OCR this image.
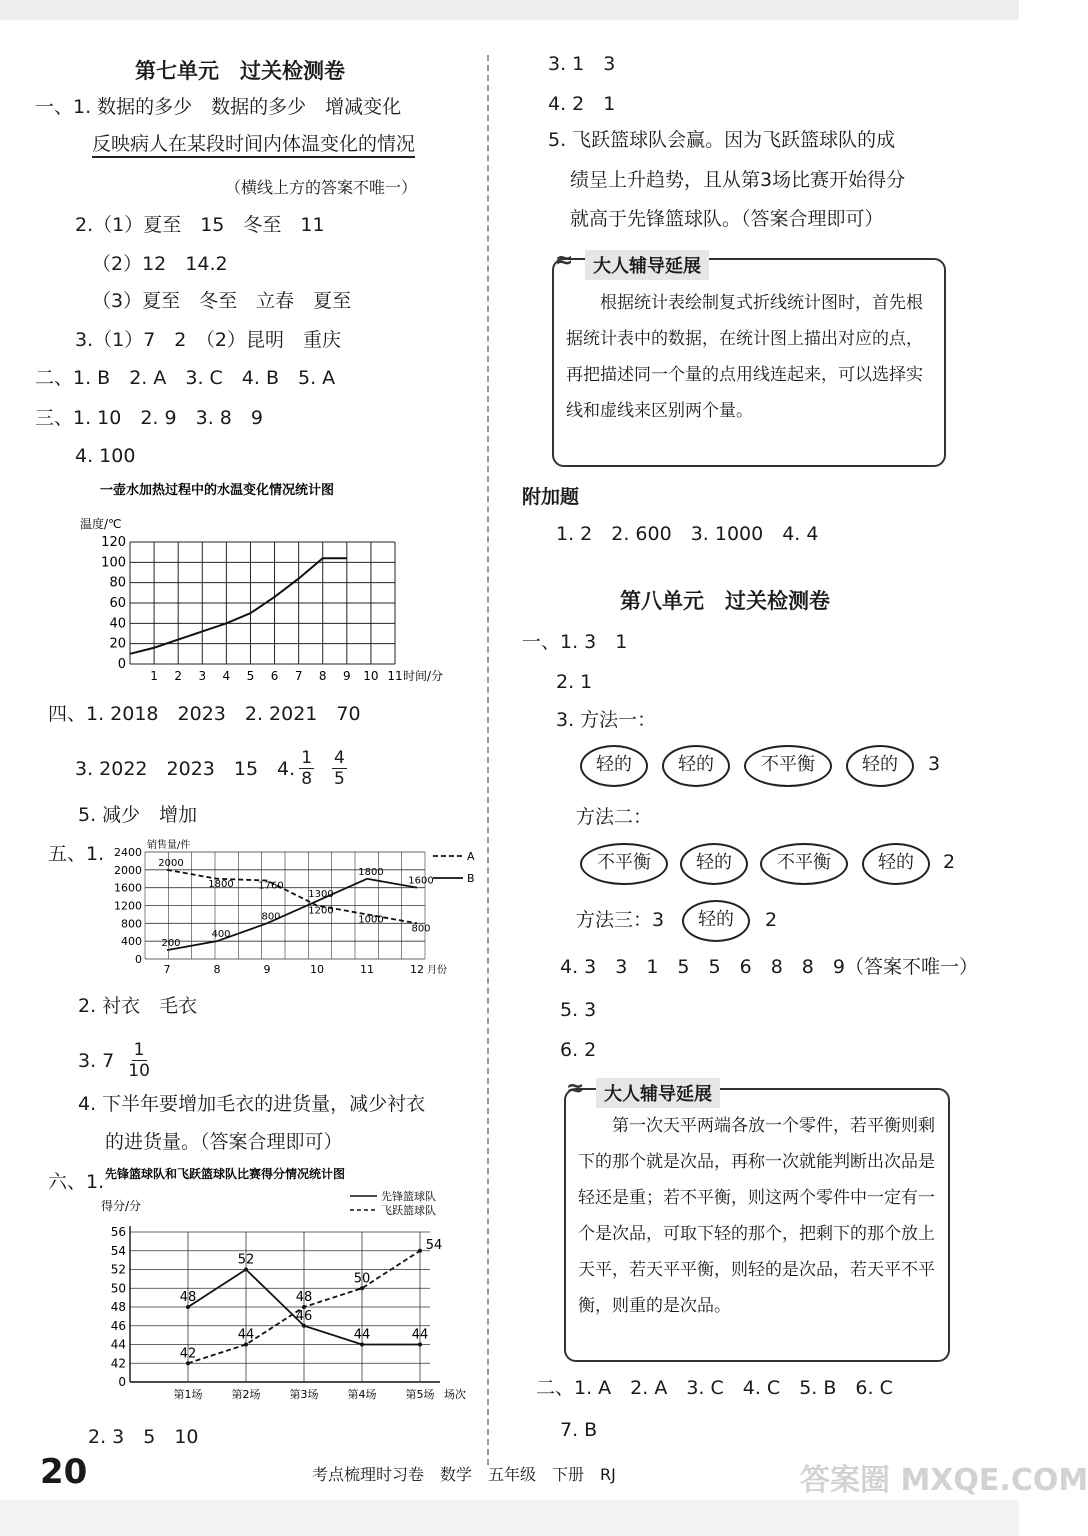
第七单元　过关检测卷
一、1. 数据的多少　数据的多少　增减变化
反映病人在某段时间内体温变化的情况
（横线上方的答案不唯一）
2.（1）夏至　15　冬至　11
（2）12　14.2
（3）夏至　冬至　立春　夏至
3.（1）7　2　（2）昆明　重庆
二、1. B　2. A　3. C　4. B　5. A
三、1. 10　2. 9　3. 8　9
4. 100
一壶水加热过程中的水温变化情况统计图
温度/℃
0
20
40
60
80
100
120
1 2 3 4 5 6 7 8 9 10 11 时间/分
四、1. 2018　2023　2. 2021　70
3. 2022　2023　15　4. $\frac{1}{8} \frac{4}{5}$
5. 减少　增加
五、1.	销售量/件
0
400
800
1200
1600
2000
2400
7	8	9	10	11	12 月份
2000
1800 1760
1200
1000
800
A
200
400
800
1300
1800
1600	B
2. 衬衣　毛衣
3. $7 \frac{1}{10}$
4. 下半年要增加毛衣的进货量，减少衬衣
的进货量。（答案合理即可）
六、1. 先锋篮球队和飞跃篮球队比赛得分情况统计图
得分/分
0
42
44
46
48
50
52
54
56
第1场	第2场	第3场	第4场	第5场 场次
48
52
46
44	44
先锋篮球队
42
44
48
50
54
飞跃篮球队
2. 3　5　10
3. 1　3
4. 2　1
5. 飞跃篮球队会赢。因为飞跃篮球队的成
绩呈上升趋势，且从第3场比赛开始得分
就高于先锋篮球队。（答案合理即可）
≈	大人辅导延展
　　根据统计表绘制复式折线统计图时，首先根据统计表中的数据，在统计图上描出对应的点，再把描述同一个量的点用线连起来，可以选择实线和虚线来区别两个量。
附加题
1. 2　2. 600　3. 1000　4. 4
第八单元　过关检测卷
一、1. 3　1
2. 1
3. 方法一：
轻的	轻的	不平衡	轻的	3
方法二：
不平衡	轻的	不平衡	轻的	2
方法三：3	轻的	2
4. 3　3　1　5　5　6　8　8　9（答案不唯一）
5. 3
6. 2
≈	大人辅导延展
　　第一次天平两端各放一个零件，若平衡则剩下的那个就是次品，再称一次就能判断出次品是轻还是重；若不平衡，则这两个零件中一定有一个是次品，可取下轻的那个，把剩下的那个放上天平，若天平平衡，则轻的是次品，若天平不平衡，则重的是次品。
二、1. A　2. A　3. C　4. C　5. B　6. C
7. B
20	考点梳理时习卷　数学　五年级　下册　RJ	答案圈 MXQE.COM
